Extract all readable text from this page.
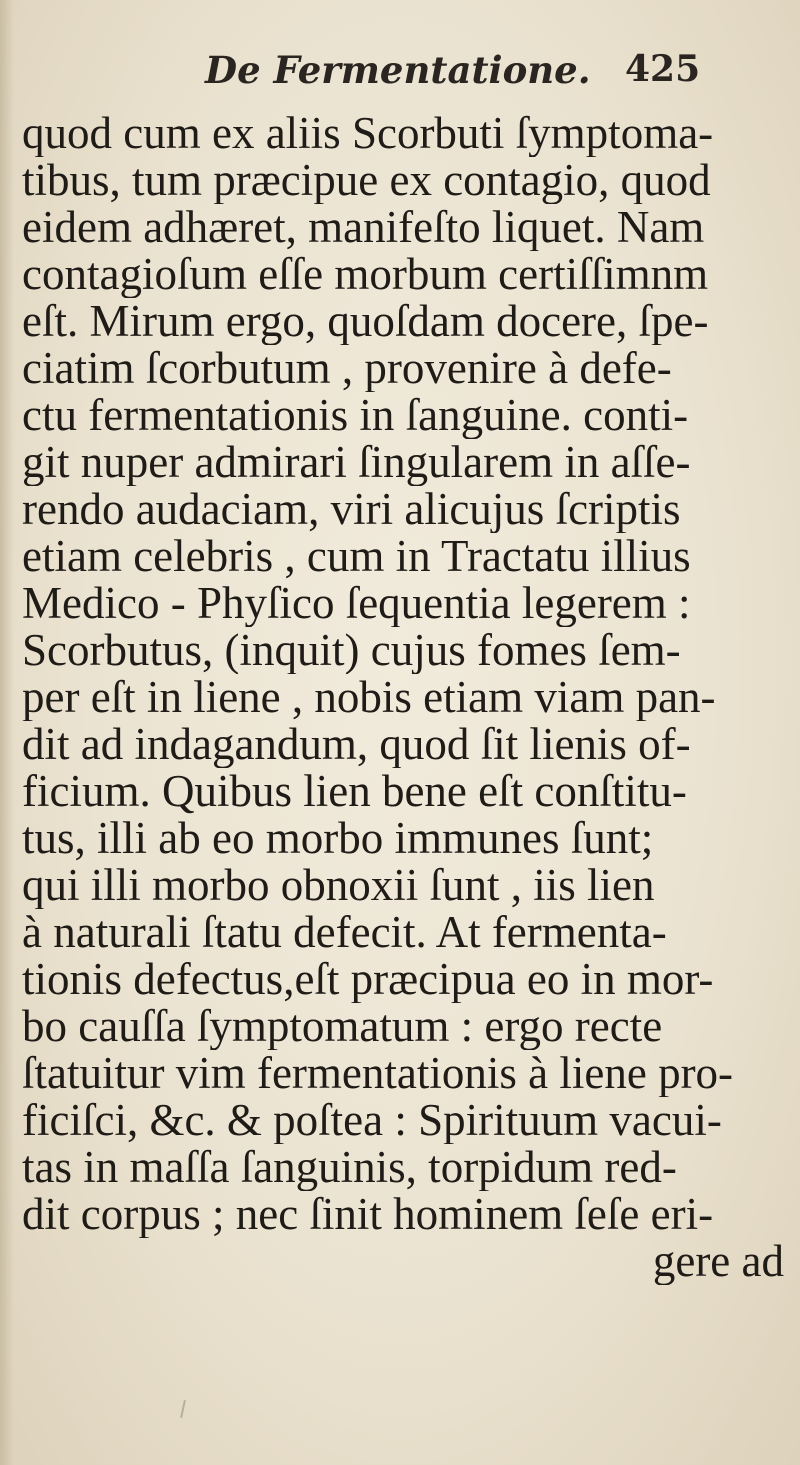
De Fermentatione. 425
quod cum ex aliis Scorbuti ſymptoma-
tibus, tum præcipue ex contagio, quod
eidem adhæret, manifeſto liquet. Nam
contagioſum eſſe morbum certiſſimnm
eſt. Mirum ergo, quoſdam docere, ſpe-
ciatim ſcorbutum , provenire à defe-
ctu fermentationis in ſanguine. conti-
git nuper admirari ſingularem in aſſe-
rendo audaciam, viri alicujus ſcriptis
etiam celebris , cum in Tractatu illius
Medico - Phyſico ſequentia legerem :
Scorbutus, (inquit) cujus fomes ſem-
per eſt in liene , nobis etiam viam pan-
dit ad indagandum, quod ſit lienis of-
ficium. Quibus lien bene eſt conſtitu-
tus, illi ab eo morbo immunes ſunt;
qui illi morbo obnoxii ſunt , iis lien
à naturali ſtatu defecit. At fermenta-
tionis defectus,eſt præcipua eo in mor-
bo cauſſa ſymptomatum : ergo recte
ſtatuitur vim fermentationis à liene pro-
ficiſci, &c. & poſtea : Spirituum vacui-
tas in maſſa ſanguinis, torpidum red-
dit corpus ; nec ſinit hominem ſeſe eri-
gere ad
